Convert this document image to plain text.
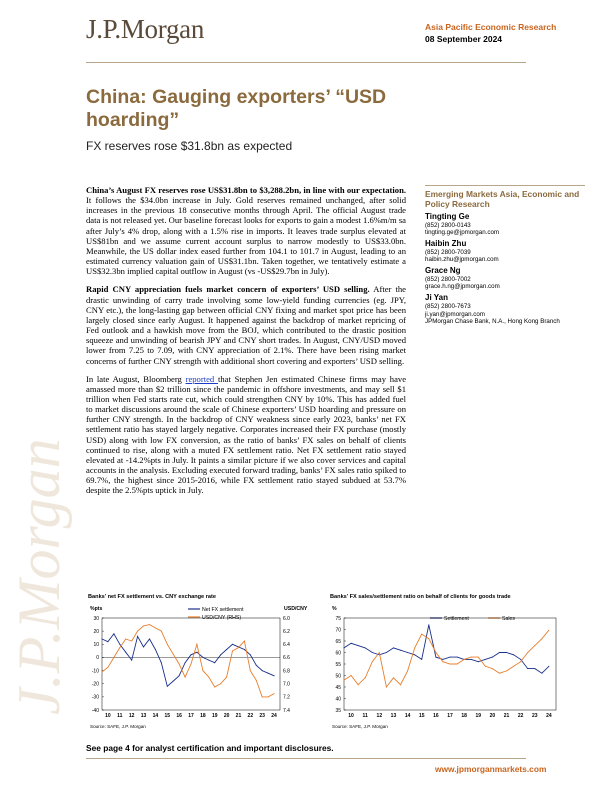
J.P.Morgan
J.P.Morgan	Asia Pacific Economic Research
08 September 2024
China: Gauging exporters’ “USD hoarding”
FX reserves rose $31.8bn as expected

China’s August FX reserves rose US$31.8bn to $3,288.2bn, in line with our expectation. It follows the $34.0bn increase in July. Gold reserves remained unchanged, after solid increases in the previous 18 consecutive months through April. The official August trade data is not released yet. Our baseline forecast looks for exports to gain a modest 1.6%m/m sa after July’s 4% drop, along with a 1.5% rise in imports. It leaves trade surplus elevated at US$81bn and we assume current account surplus to narrow modestly to US$33.0bn. Meanwhile, the US dollar index eased further from 104.1 to 101.7 in August, leading to an estimated currency valuation gain of US$31.1bn. Taken together, we tentatively estimate a US$32.3bn implied capital outflow in August (vs -US$29.7bn in July).

Rapid CNY appreciation fuels market concern of exporters’ USD selling. After the drastic unwinding of carry trade involving some low-yield funding currencies (eg. JPY, CNY etc.), the long-lasting gap between official CNY fixing and market spot price has been largely closed since early August. It happened against the backdrop of market repricing of Fed outlook and a hawkish move from the BOJ, which contributed to the drastic position squeeze and unwinding of bearish JPY and CNY short trades. In August, CNY/USD moved lower from 7.25 to 7.09, with CNY appreciation of 2.1%. There have been rising market concerns of further CNY strength with additional short covering and exporters’ USD selling.

In late August, Bloomberg reported that Stephen Jen estimated Chinese firms may have amassed more than $2 trillion since the pandemic in offshore investments, and may sell $1 trillion when Fed starts rate cut, which could strengthen CNY by 10%. This has added fuel to market discussions around the scale of Chinese exporters’ USD hoarding and pressure on further CNY strength. In the backdrop of CNY weakness since early 2023, banks’ net FX settlement ratio has stayed largely negative. Corporates increased their FX purchase (mostly USD) along with low FX conversion, as the ratio of banks’ FX sales on behalf of clients continued to rise, along with a muted FX settlement ratio. Net FX settlement ratio stayed elevated at -14.2%pts in July. It paints a similar picture if we also cover services and capital accounts in the analysis. Excluding executed forward trading, banks’ FX sales ratio spiked to 69.7%, the highest since 2015-2016, while FX settlement ratio stayed subdued at 53.7% despite the 2.5%pts uptick in July.

Emerging Markets Asia, Economic and Policy Research
Tingting Ge
(852) 2800-0143
tingting.ge@jpmorgan.com
Haibin Zhu
(852) 2800-7039
haibin.zhu@jpmorgan.com
Grace Ng
(852) 2800-7002
grace.h.ng@jpmorgan.com
Ji Yan
(852) 2800-7673
ji.yan@jpmorgan.com
JPMorgan Chase Bank, N.A., Hong Kong Branch
Banks’ net FX settlement vs. CNY exchange rate
%pts	USD/CNY
Net FX settlement
USD/CNY (RHS)
30
20
10
0
-10
-20
-30
-40
10 11 12 13 14 15 16 17 18 19 20 21 22 23 24
6.0
6.2
6.4
6.6
6.8
7.0
7.2
7.4
Source: SAFE, J.P. Morgan
Banks’ FX sales/settlement ratio on behalf of clients for goods trade
%
Settlement	Sales
75
70
65
60
55
50
45
40
35
10 11 12 13 14 15 16 17 18 19 20 21 22 23 24
Source: SAFE, J.P. Morgan
See page 4 for analyst certification and important disclosures.
www.jpmorganmarkets.com
